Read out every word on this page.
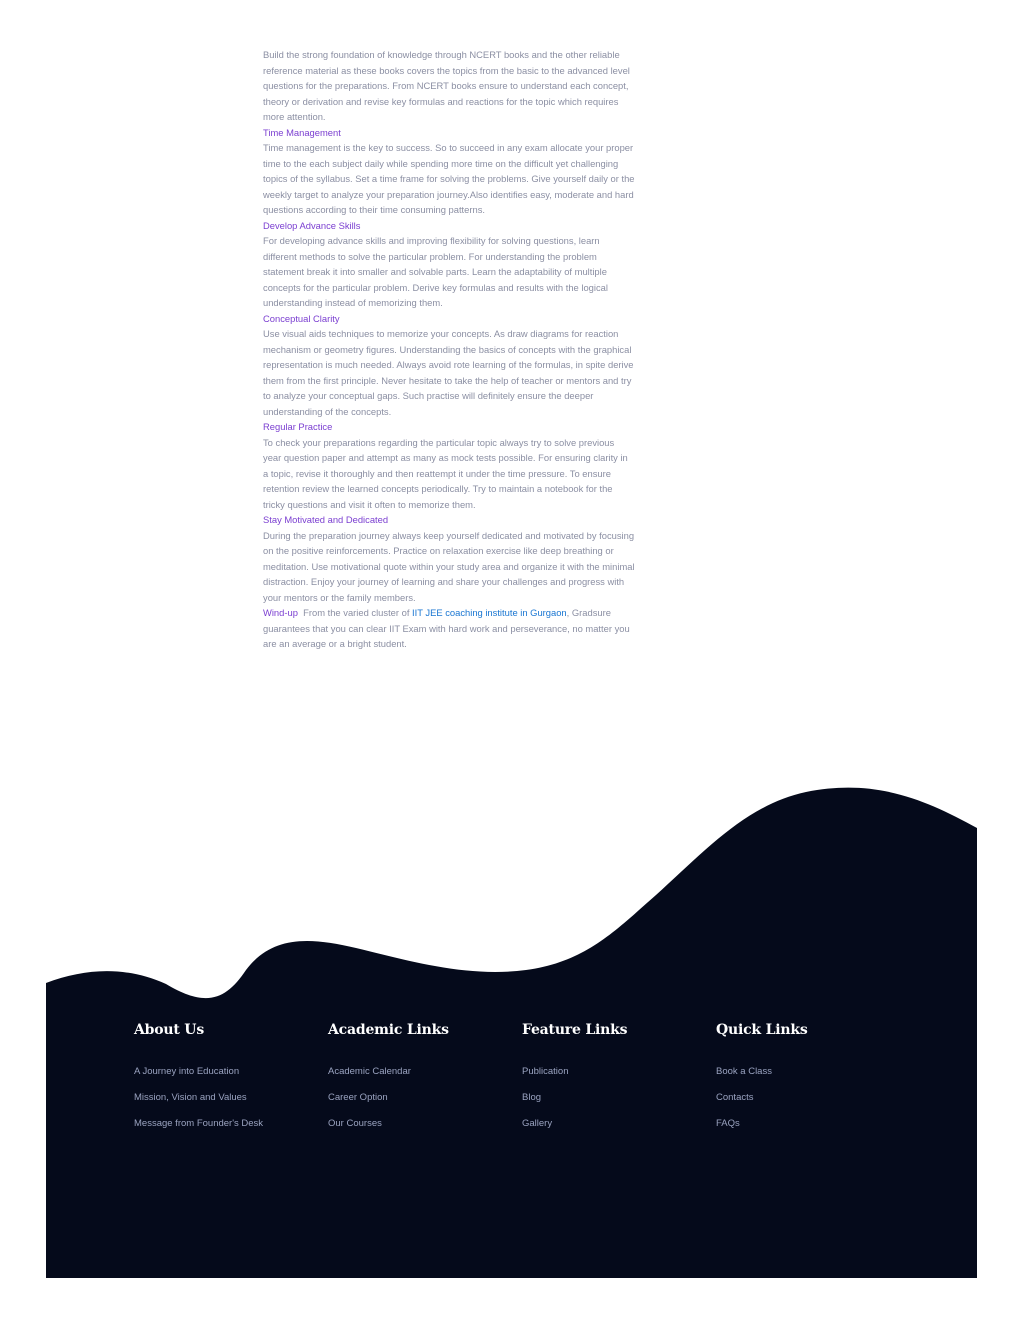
Build the strong foundation of knowledge through NCERT books and the other reliable reference material as these books covers the topics from the basic to the advanced level questions for the preparations. From NCERT books ensure to understand each concept, theory or derivation and revise key formulas and reactions for the topic which requires more attention.

Time Management

Time management is the key to success. So to succeed in any exam allocate your proper time to the each subject daily while spending more time on the difficult yet challenging topics of the syllabus. Set a time frame for solving the problems. Give yourself daily or the weekly target to analyze your preparation journey.Also identifies easy, moderate and hard questions according to their time consuming patterns.

Develop Advance Skills

For developing advance skills and improving flexibility for solving questions, learn different methods to solve the particular problem. For understanding the problem statement break it into smaller and solvable parts. Learn the adaptability of multiple concepts for the particular problem. Derive key formulas and results with the logical understanding instead of memorizing them.

Conceptual Clarity

Use visual aids techniques to memorize your concepts. As draw diagrams for reaction mechanism or geometry figures. Understanding the basics of concepts with the graphical representation is much needed. Always avoid rote learning of the formulas, in spite derive them from the first principle. Never hesitate to take the help of teacher or mentors and try to analyze your conceptual gaps. Such practise will definitely ensure the deeper understanding of the concepts.

Regular Practice

To check your preparations regarding the particular topic always try to solve previous year question paper and attempt as many as mock tests possible. For ensuring clarity in a topic, revise it thoroughly and then reattempt it under the time pressure. To ensure retention review the learned concepts periodically. Try to maintain a notebook for the tricky questions and visit it often to memorize them.

Stay Motivated and Dedicated

During the preparation journey always keep yourself dedicated and motivated by focusing on the positive reinforcements. Practice on relaxation exercise like deep breathing or meditation. Use motivational quote within your study area and organize it with the minimal distraction. Enjoy your journey of learning and share your challenges and progress with your mentors or the family members.

Wind-up From the varied cluster of IIT JEE coaching institute in Gurgaon, Gradsure guarantees that you can clear IIT Exam with hard work and perseverance, no matter you are an average or a bright student.

About Us
A Journey into Education
Mission, Vision and Values
Message from Founder's Desk
Academic Links
Academic Calendar
Career Option
Our Courses
Feature Links
Publication
Blog
Gallery
Quick Links
Book a Class
Contacts
FAQs
